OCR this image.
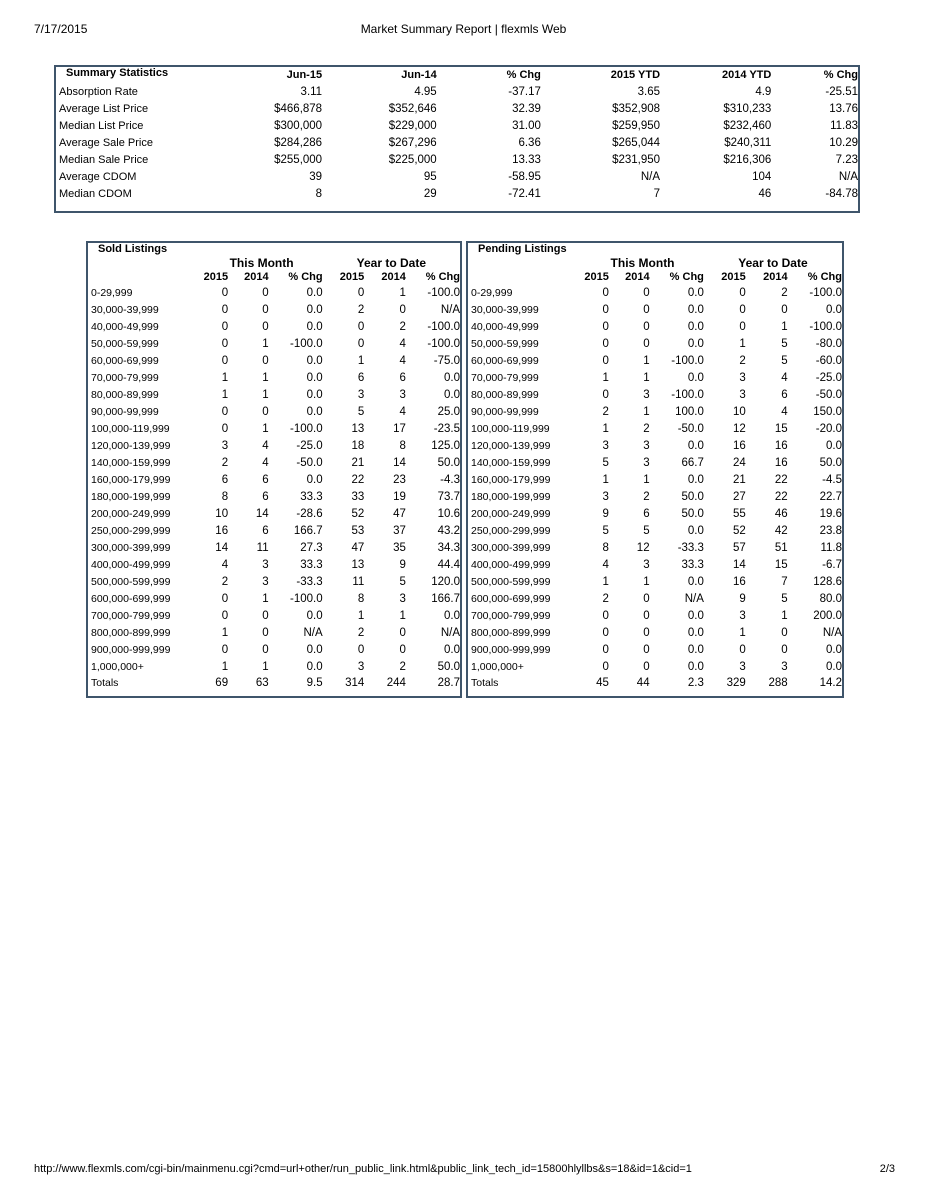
7/17/2015	Market Summary Report | flexmls Web
Summary Statistics	Jun-15	Jun-14	% Chg	2015 YTD	2014 YTD	% Chg
Absorption Rate	3.11	4.95	-37.17	3.65	4.9	-25.51
Average List Price	$466,878	$352,646	32.39	$352,908	$310,233	13.76
Median List Price	$300,000	$229,000	31.00	$259,950	$232,460	11.83
Average Sale Price	$284,286	$267,296	6.36	$265,044	$240,311	10.29
Median Sale Price	$255,000	$225,000	13.33	$231,950	$216,306	7.23
Average CDOM	39	95	-58.95	N/A	104	N/A
Median CDOM	8	29	-72.41	7	46	-84.78
Sold Listings						
	This Month			Year to Date		
	2015	2014	% Chg	2015	2014	% Chg
0-29,999	0	0	0.0	0	1	-100.0
30,000-39,999	0	0	0.0	2	0	N/A
40,000-49,999	0	0	0.0	0	2	-100.0
50,000-59,999	0	1	-100.0	0	4	-100.0
60,000-69,999	0	0	0.0	1	4	-75.0
70,000-79,999	1	1	0.0	6	6	0.0
80,000-89,999	1	1	0.0	3	3	0.0
90,000-99,999	0	0	0.0	5	4	25.0
100,000-119,999	0	1	-100.0	13	17	-23.5
120,000-139,999	3	4	-25.0	18	8	125.0
140,000-159,999	2	4	-50.0	21	14	50.0
160,000-179,999	6	6	0.0	22	23	-4.3
180,000-199,999	8	6	33.3	33	19	73.7
200,000-249,999	10	14	-28.6	52	47	10.6
250,000-299,999	16	6	166.7	53	37	43.2
300,000-399,999	14	11	27.3	47	35	34.3
400,000-499,999	4	3	33.3	13	9	44.4
500,000-599,999	2	3	-33.3	11	5	120.0
600,000-699,999	0	1	-100.0	8	3	166.7
700,000-799,999	0	0	0.0	1	1	0.0
800,000-899,999	1	0	N/A	2	0	N/A
900,000-999,999	0	0	0.0	0	0	0.0
1,000,000+	1	1	0.0	3	2	50.0
Totals	69	63	9.5	314	244	28.7
Pending Listings						
	This Month			Year to Date		
	2015	2014	% Chg	2015	2014	% Chg
0-29,999	0	0	0.0	0	2	-100.0
30,000-39,999	0	0	0.0	0	0	0.0
40,000-49,999	0	0	0.0	0	1	-100.0
50,000-59,999	0	0	0.0	1	5	-80.0
60,000-69,999	0	1	-100.0	2	5	-60.0
70,000-79,999	1	1	0.0	3	4	-25.0
80,000-89,999	0	3	-100.0	3	6	-50.0
90,000-99,999	2	1	100.0	10	4	150.0
100,000-119,999	1	2	-50.0	12	15	-20.0
120,000-139,999	3	3	0.0	16	16	0.0
140,000-159,999	5	3	66.7	24	16	50.0
160,000-179,999	1	1	0.0	21	22	-4.5
180,000-199,999	3	2	50.0	27	22	22.7
200,000-249,999	9	6	50.0	55	46	19.6
250,000-299,999	5	5	0.0	52	42	23.8
300,000-399,999	8	12	-33.3	57	51	11.8
400,000-499,999	4	3	33.3	14	15	-6.7
500,000-599,999	1	1	0.0	16	7	128.6
600,000-699,999	2	0	N/A	9	5	80.0
700,000-799,999	0	0	0.0	3	1	200.0
800,000-899,999	0	0	0.0	1	0	N/A
900,000-999,999	0	0	0.0	0	0	0.0
1,000,000+	0	0	0.0	3	3	0.0
Totals	45	44	2.3	329	288	14.2
http://www.flexmls.com/cgi-bin/mainmenu.cgi?cmd=url+other/run_public_link.html&public_link_tech_id=15800hlyllbs&s=18&id=1&cid=1	2/3
